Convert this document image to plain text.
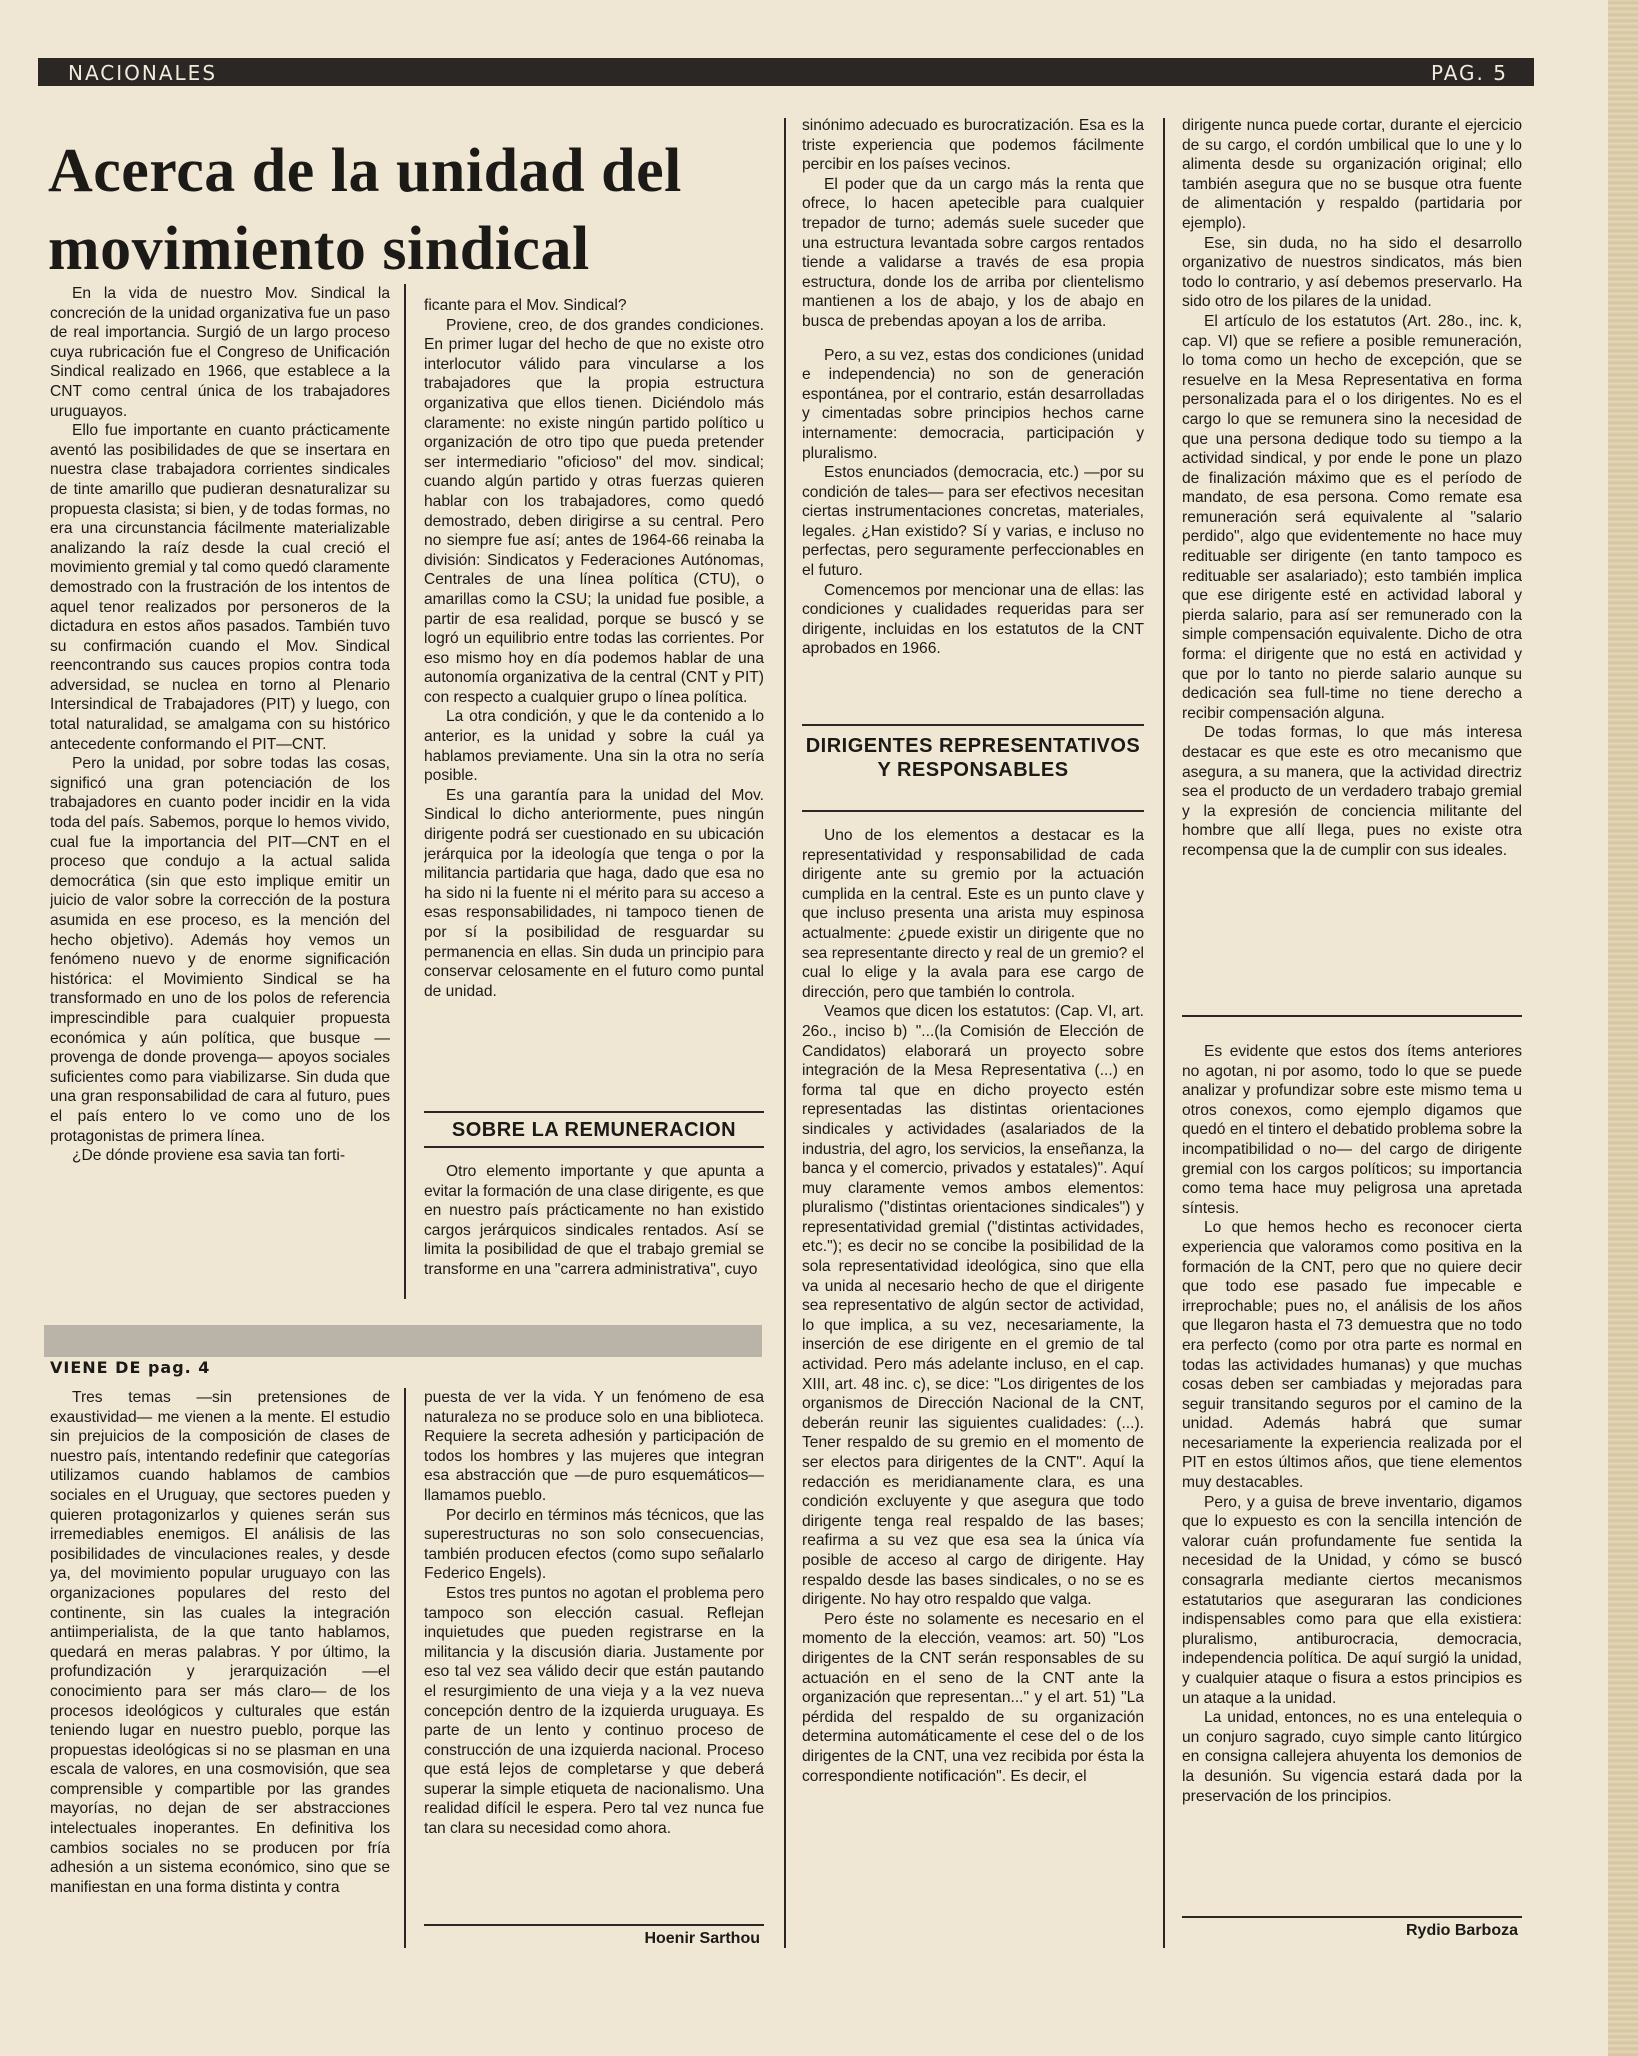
NACIONALES	PAG. 5
Acerca de la unidad del movimiento sindical

En la vida de nuestro Mov. Sindical la concreción de la unidad organizativa fue un paso de real importancia. Surgió de un largo proceso cuya rubricación fue el Congreso de Unificación Sindical realizado en 1966, que establece a la CNT como central única de los trabajadores uruguayos.

Ello fue importante en cuanto prácticamente aventó las posibilidades de que se insertara en nuestra clase trabajadora corrientes sindicales de tinte amarillo que pudieran desnaturalizar su propuesta clasista; si bien, y de todas formas, no era una circunstancia fácilmente materializable analizando la raíz desde la cual creció el movimiento gremial y tal como quedó claramente demostrado con la frustración de los intentos de aquel tenor realizados por personeros de la dictadura en estos años pasados. También tuvo su confirmación cuando el Mov. Sindical reencontrando sus cauces propios contra toda adversidad, se nuclea en torno al Plenario Intersindical de Trabajadores (PIT) y luego, con total naturalidad, se amalgama con su histórico antecedente conformando el PIT—CNT.

Pero la unidad, por sobre todas las cosas, significó una gran potenciación de los trabajadores en cuanto poder incidir en la vida toda del país. Sabemos, porque lo hemos vivido, cual fue la importancia del PIT—CNT en el proceso que condujo a la actual salida democrática (sin que esto implique emitir un juicio de valor sobre la corrección de la postura asumida en ese proceso, es la mención del hecho objetivo). Además hoy vemos un fenómeno nuevo y de enorme significación histórica: el Movimiento Sindical se ha transformado en uno de los polos de referencia imprescindible para cualquier propuesta económica y aún política, que busque —provenga de donde provenga— apoyos sociales suficientes como para viabilizarse. Sin duda que una gran responsabilidad de cara al futuro, pues el país entero lo ve como uno de los protagonistas de primera línea.

¿De dónde proviene esa savia tan forti-

ficante para el Mov. Sindical?

Proviene, creo, de dos grandes condiciones. En primer lugar del hecho de que no existe otro interlocutor válido para vincularse a los trabajadores que la propia estructura organizativa que ellos tienen. Diciéndolo más claramente: no existe ningún partido político u organización de otro tipo que pueda pretender ser intermediario "oficioso" del mov. sindical; cuando algún partido y otras fuerzas quieren hablar con los trabajadores, como quedó demostrado, deben dirigirse a su central. Pero no siempre fue así; antes de 1964-66 reinaba la división: Sindicatos y Federaciones Autónomas, Centrales de una línea política (CTU), o amarillas como la CSU; la unidad fue posible, a partir de esa realidad, porque se buscó y se logró un equilibrio entre todas las corrientes. Por eso mismo hoy en día podemos hablar de una autonomía organizativa de la central (CNT y PIT) con respecto a cualquier grupo o línea política.

La otra condición, y que le da contenido a lo anterior, es la unidad y sobre la cuál ya hablamos previamente. Una sin la otra no sería posible.

Es una garantía para la unidad del Mov. Sindical lo dicho anteriormente, pues ningún dirigente podrá ser cuestionado en su ubicación jerárquica por la ideología que tenga o por la militancia partidaria que haga, dado que esa no ha sido ni la fuente ni el mérito para su acceso a esas responsabilidades, ni tampoco tienen de por sí la posibilidad de resguardar su permanencia en ellas. Sin duda un principio para conservar celosamente en el futuro como puntal de unidad.

SOBRE LA REMUNERACION

Otro elemento importante y que apunta a evitar la formación de una clase dirigente, es que en nuestro país prácticamente no han existido cargos jerárquicos sindicales rentados. Así se limita la posibilidad de que el trabajo gremial se transforme en una "carrera administrativa", cuyo

sinónimo adecuado es burocratización. Esa es la triste experiencia que podemos fácilmente percibir en los países vecinos.

El poder que da un cargo más la renta que ofrece, lo hacen apetecible para cualquier trepador de turno; además suele suceder que una estructura levantada sobre cargos rentados tiende a validarse a través de esa propia estructura, donde los de arriba por clientelismo mantienen a los de abajo, y los de abajo en busca de prebendas apoyan a los de arriba.

Pero, a su vez, estas dos condiciones (unidad e independencia) no son de generación espontánea, por el contrario, están desarrolladas y cimentadas sobre principios hechos carne internamente: democracia, participación y pluralismo.

Estos enunciados (democracia, etc.) —por su condición de tales— para ser efectivos necesitan ciertas instrumentaciones concretas, materiales, legales. ¿Han existido? Sí y varias, e incluso no perfectas, pero seguramente perfeccionables en el futuro.

Comencemos por mencionar una de ellas: las condiciones y cualidades requeridas para ser dirigente, incluidas en los estatutos de la CNT aprobados en 1966.

DIRIGENTES REPRESENTATIVOS Y RESPONSABLES

Uno de los elementos a destacar es la representatividad y responsabilidad de cada dirigente ante su gremio por la actuación cumplida en la central. Este es un punto clave y que incluso presenta una arista muy espinosa actualmente: ¿puede existir un dirigente que no sea representante directo y real de un gremio? el cual lo elige y la avala para ese cargo de dirección, pero que también lo controla.

Veamos que dicen los estatutos: (Cap. VI, art. 26o., inciso b) "...(la Comisión de Elección de Candidatos) elaborará un proyecto sobre integración de la Mesa Representativa (...) en forma tal que en dicho proyecto estén representadas las distintas orientaciones sindicales y actividades (asalariados de la industria, del agro, los servicios, la enseñanza, la banca y el comercio, privados y estatales)". Aquí muy claramente vemos ambos elementos: pluralismo ("distintas orientaciones sindicales") y representatividad gremial ("distintas actividades, etc."); es decir no se concibe la posibilidad de la sola representatividad ideológica, sino que ella va unida al necesario hecho de que el dirigente sea representativo de algún sector de actividad, lo que implica, a su vez, necesariamente, la inserción de ese dirigente en el gremio de tal actividad. Pero más adelante incluso, en el cap. XIII, art. 48 inc. c), se dice: "Los dirigentes de los organismos de Dirección Nacional de la CNT, deberán reunir las siguientes cualidades: (...). Tener respaldo de su gremio en el momento de ser electos para dirigentes de la CNT". Aquí la redacción es meridianamente clara, es una condición excluyente y que asegura que todo dirigente tenga real respaldo de las bases; reafirma a su vez que esa sea la única vía posible de acceso al cargo de dirigente. Hay respaldo desde las bases sindicales, o no se es dirigente. No hay otro respaldo que valga.

Pero éste no solamente es necesario en el momento de la elección, veamos: art. 50) "Los dirigentes de la CNT serán responsables de su actuación en el seno de la CNT ante la organización que representan..." y el art. 51) "La pérdida del respaldo de su organización determina automáticamente el cese del o de los dirigentes de la CNT, una vez recibida por ésta la correspondiente notificación". Es decir, el

dirigente nunca puede cortar, durante el ejercicio de su cargo, el cordón umbilical que lo une y lo alimenta desde su organización original; ello también asegura que no se busque otra fuente de alimentación y respaldo (partidaria por ejemplo).

Ese, sin duda, no ha sido el desarrollo organizativo de nuestros sindicatos, más bien todo lo contrario, y así debemos preservarlo. Ha sido otro de los pilares de la unidad.

El artículo de los estatutos (Art. 28o., inc. k, cap. VI) que se refiere a posible remuneración, lo toma como un hecho de excepción, que se resuelve en la Mesa Representativa en forma personalizada para el o los dirigentes. No es el cargo lo que se remunera sino la necesidad de que una persona dedique todo su tiempo a la actividad sindical, y por ende le pone un plazo de finalización máximo que es el período de mandato, de esa persona. Como remate esa remuneración será equivalente al "salario perdido", algo que evidentemente no hace muy redituable ser dirigente (en tanto tampoco es redituable ser asalariado); esto también implica que ese dirigente esté en actividad laboral y pierda salario, para así ser remunerado con la simple compensación equivalente. Dicho de otra forma: el dirigente que no está en actividad y que por lo tanto no pierde salario aunque su dedicación sea full-time no tiene derecho a recibir compensación alguna.

De todas formas, lo que más interesa destacar es que este es otro mecanismo que asegura, a su manera, que la actividad directriz sea el producto de un verdadero trabajo gremial y la expresión de conciencia militante del hombre que allí llega, pues no existe otra recompensa que la de cumplir con sus ideales.

Es evidente que estos dos ítems anteriores no agotan, ni por asomo, todo lo que se puede analizar y profundizar sobre este mismo tema u otros conexos, como ejemplo digamos que quedó en el tintero el debatido problema sobre la incompatibilidad o no— del cargo de dirigente gremial con los cargos políticos; su importancia como tema hace muy peligrosa una apretada síntesis.

Lo que hemos hecho es reconocer cierta experiencia que valoramos como positiva en la formación de la CNT, pero que no quiere decir que todo ese pasado fue impecable e irreprochable; pues no, el análisis de los años que llegaron hasta el 73 demuestra que no todo era perfecto (como por otra parte es normal en todas las actividades humanas) y que muchas cosas deben ser cambiadas y mejoradas para seguir transitando seguros por el camino de la unidad. Además habrá que sumar necesariamente la experiencia realizada por el PIT en estos últimos años, que tiene elementos muy destacables.

Pero, y a guisa de breve inventario, digamos que lo expuesto es con la sencilla intención de valorar cuán profundamente fue sentida la necesidad de la Unidad, y cómo se buscó consagrarla mediante ciertos mecanismos estatutarios que aseguraran las condiciones indispensables como para que ella existiera: pluralismo, antiburocracia, democracia, independencia política. De aquí surgió la unidad, y cualquier ataque o fisura a estos principios es un ataque a la unidad.

La unidad, entonces, no es una entelequia o un conjuro sagrado, cuyo simple canto litúrgico en consigna callejera ahuyenta los demonios de la desunión. Su vigencia estará dada por la preservación de los principios.

Rydio Barboza
VIENE DE pag. 4

Tres temas —sin pretensiones de exaustividad— me vienen a la mente. El estudio sin prejuicios de la composición de clases de nuestro país, intentando redefinir que categorías utilizamos cuando hablamos de cambios sociales en el Uruguay, que sectores pueden y quieren protagonizarlos y quienes serán sus irremediables enemigos. El análisis de las posibilidades de vinculaciones reales, y desde ya, del movimiento popular uruguayo con las organizaciones populares del resto del continente, sin las cuales la integración antiimperialista, de la que tanto hablamos, quedará en meras palabras. Y por último, la profundización y jerarquización —el conocimiento para ser más claro— de los procesos ideológicos y culturales que están teniendo lugar en nuestro pueblo, porque las propuestas ideológicas si no se plasman en una escala de valores, en una cosmovisión, que sea comprensible y compartible por las grandes mayorías, no dejan de ser abstracciones intelectuales inoperantes. En definitiva los cambios sociales no se producen por fría adhesión a un sistema económico, sino que se manifiestan en una forma distinta y contra

puesta de ver la vida. Y un fenómeno de esa naturaleza no se produce solo en una biblioteca. Requiere la secreta adhesión y participación de todos los hombres y las mujeres que integran esa abstracción que —de puro esquemáticos— llamamos pueblo.

Por decirlo en términos más técnicos, que las superestructuras no son solo consecuencias, también producen efectos (como supo señalarlo Federico Engels).

Estos tres puntos no agotan el problema pero tampoco son elección casual. Reflejan inquietudes que pueden registrarse en la militancia y la discusión diaria. Justamente por eso tal vez sea válido decir que están pautando el resurgimiento de una vieja y a la vez nueva concepción dentro de la izquierda uruguaya. Es parte de un lento y continuo proceso de construcción de una izquierda nacional. Proceso que está lejos de completarse y que deberá superar la simple etiqueta de nacionalismo. Una realidad difícil le espera. Pero tal vez nunca fue tan clara su necesidad como ahora.

Hoenir Sarthou
